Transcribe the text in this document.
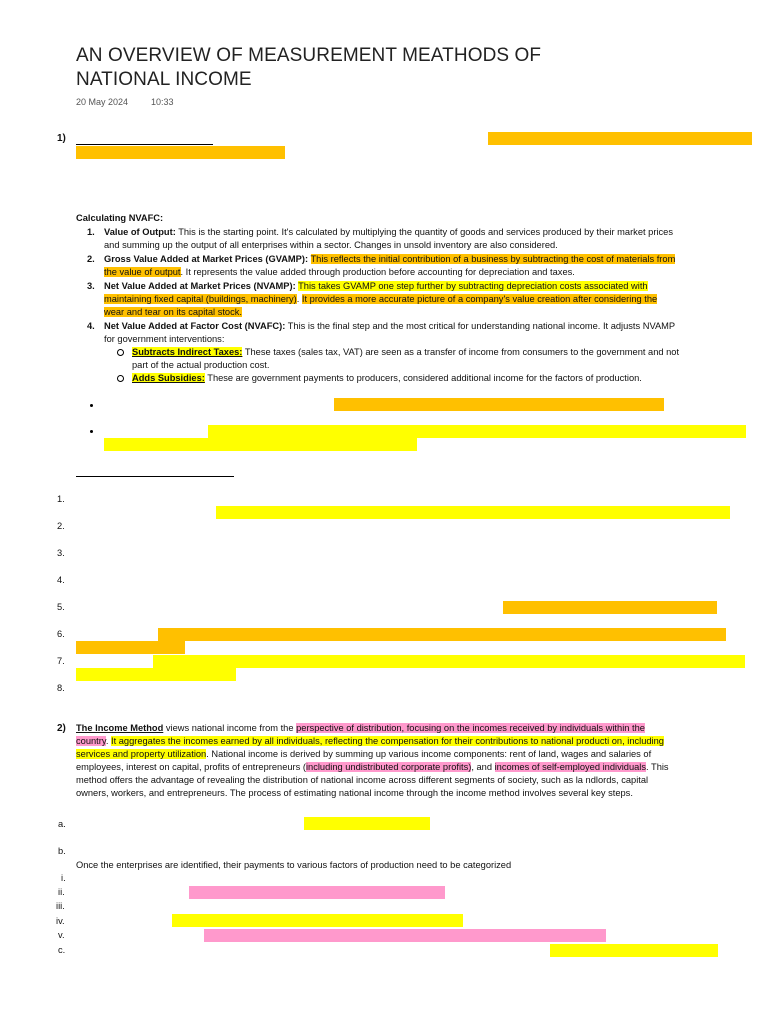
AN OVERVIEW OF MEASUREMENT MEATHODS OF NATIONAL INCOME
20 May 2024	10:33
1)
Calculating NVAFC:
1. Value of Output: This is the starting point. It's calculated by multiplying the quantity of goods and services produced by their market prices
and summing up the output of all enterprises within a sector. Changes in unsold inventory are also considered.
2. Gross Value Added at Market Prices (GVAMP): This reflects the initial contribution of a business by subtracting the cost of materials from
the value of output. It represents the value added through production before accounting for depreciation and taxes.
3. Net Value Added at Market Prices (NVAMP): This takes GVAMP one step further by subtracting depreciation costs associated with
maintaining fixed capital (buildings, machinery). It provides a more accurate picture of a company's value creation after considering the
wear and tear on its capital stock.
4. Net Value Added at Factor Cost (NVAFC): This is the final step and the most critical for understanding national income. It adjusts NVAMP
for government interventions:
Subtracts Indirect Taxes: These taxes (sales tax, VAT) are seen as a transfer of income from consumers to the government and not
part of the actual production cost.
Adds Subsidies: These are government payments to producers, considered additional income for the factors of production.
1.
2.
3.
4.
5.
6.
7.
8.
2) The Income Method views national income from the perspective of distribution, focusing on the incomes received by individuals within the
country. It aggregates the incomes earned by all individuals, reflecting the compensation for their contributions to national producti on, including
services and property utilization. National income is derived by summing up various income components: rent of land, wages and salaries of
employees, interest on capital, profits of entrepreneurs (including undistributed corporate profits), and incomes of self-employed individuals. This
method offers the advantage of revealing the distribution of national income across different segments of society, such as la ndlords, capital
owners, workers, and entrepreneurs. The process of estimating national income through the income method involves several key steps.
a.
b.
Once the enterprises are identified, their payments to various factors of production need to be categorized
i.
ii.
iii.
iv.
v.
c.
